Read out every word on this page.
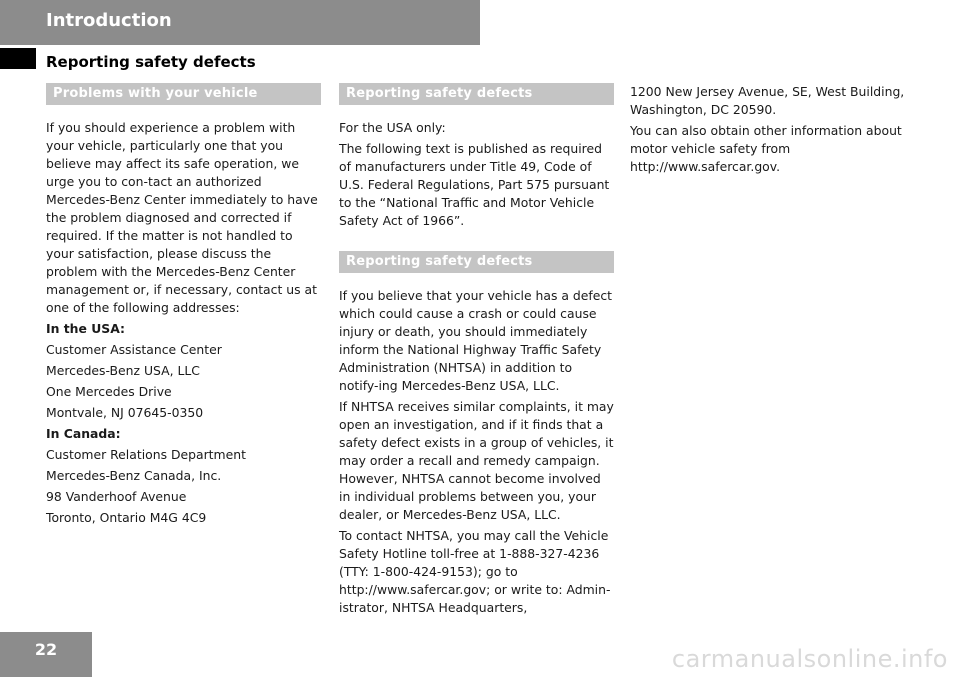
Introduction
Reporting safety defects
Problems with your vehicle

If you should experience a problem with your vehicle, particularly one that you believe may affect its safe operation, we urge you to con-tact an authorized Mercedes-Benz Center immediately to have the problem diagnosed and corrected if required. If the matter is not handled to your satisfaction, please discuss the problem with the Mercedes-Benz Center management or, if necessary, contact us at one of the following addresses:

In the USA:

Customer Assistance Center

Mercedes-Benz USA, LLC

One Mercedes Drive

Montvale, NJ 07645-0350

In Canada:

Customer Relations Department

Mercedes-Benz Canada, Inc.

98 Vanderhoof Avenue

Toronto, Ontario M4G 4C9

Reporting safety defects

For the USA only:

The following text is published as required of manufacturers under Title 49, Code of U.S. Federal Regulations, Part 575 pursuant to the “National Traffic and Motor Vehicle Safety Act of 1966”.

Reporting safety defects

If you believe that your vehicle has a defect which could cause a crash or could cause injury or death, you should immediately inform the National Highway Traffic Safety Administration (NHTSA) in addition to notify-ing Mercedes-Benz USA, LLC.

If NHTSA receives similar complaints, it may open an investigation, and if it finds that a safety defect exists in a group of vehicles, it may order a recall and remedy campaign. However, NHTSA cannot become involved in individual problems between you, your dealer, or Mercedes-Benz USA, LLC.

To contact NHTSA, you may call the Vehicle Safety Hotline toll-free at 1-888-327-4236 (TTY: 1-800-424-9153); go to http://www.safercar.gov; or write to: Admin-istrator, NHTSA Headquarters,

1200 New Jersey Avenue, SE, West Building, Washington, DC 20590.

You can also obtain other information about motor vehicle safety from http://www.safercar.gov.

22	carmanualsonline.info
